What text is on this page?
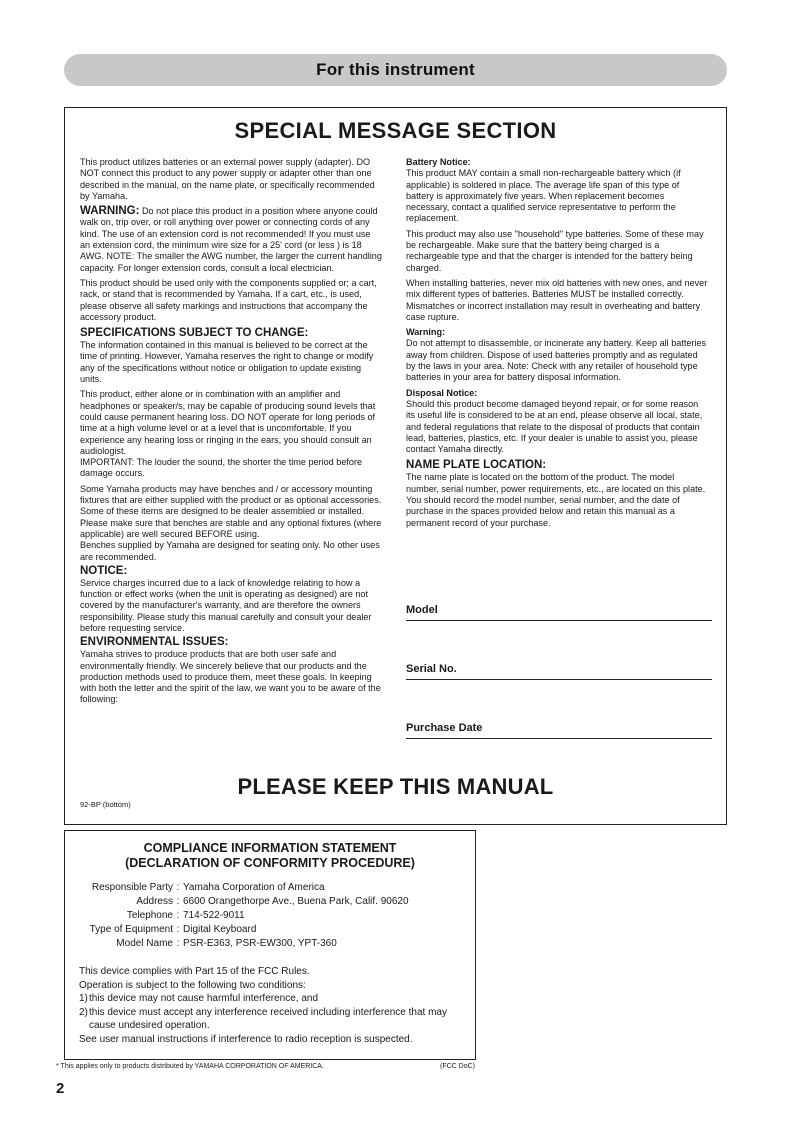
For this instrument
SPECIAL MESSAGE SECTION

This product utilizes batteries or an external power supply (adapter). DO NOT connect this product to any power supply or adapter other than one described in the manual, on the name plate, or specifically recommended by Yamaha.

WARNING: Do not place this product in a position where anyone could walk on, trip over, or roll anything over power or connecting cords of any kind. The use of an extension cord is not recommended! If you must use an extension cord, the minimum wire size for a 25' cord (or less ) is 18 AWG. NOTE: The smaller the AWG number, the larger the current handling capacity. For longer extension cords, consult a local electrician.

This product should be used only with the components supplied or; a cart, rack, or stand that is recommended by Yamaha. If a cart, etc., is used, please observe all safety markings and instructions that accompany the accessory product.

SPECIFICATIONS SUBJECT TO CHANGE:

The information contained in this manual is believed to be correct at the time of printing. However, Yamaha reserves the right to change or modify any of the specifications without notice or obligation to update existing units.

This product, either alone or in combination with an amplifier and headphones or speaker/s, may be capable of producing sound levels that could cause permanent hearing loss. DO NOT operate for long periods of time at a high volume level or at a level that is uncomfortable. If you experience any hearing loss or ringing in the ears, you should consult an audiologist.

IMPORTANT: The louder the sound, the shorter the time period before damage occurs.

Some Yamaha products may have benches and / or accessory mounting fixtures that are either supplied with the product or as optional accessories. Some of these items are designed to be dealer assembled or installed. Please make sure that benches are stable and any optional fixtures (where applicable) are well secured BEFORE using.

Benches supplied by Yamaha are designed for seating only. No other uses are recommended.

NOTICE:

Service charges incurred due to a lack of knowledge relating to how a function or effect works (when the unit is operating as designed) are not covered by the manufacturer's warranty, and are therefore the owners responsibility. Please study this manual carefully and consult your dealer before requesting service.

ENVIRONMENTAL ISSUES:

Yamaha strives to produce products that are both user safe and environmentally friendly. We sincerely believe that our products and the production methods used to produce them, meet these goals. In keeping with both the letter and the spirit of the law, we want you to be aware of the following:

Battery Notice:

This product MAY contain a small non-rechargeable battery which (if applicable) is soldered in place. The average life span of this type of battery is approximately five years. When replacement becomes necessary, contact a qualified service representative to perform the replacement.

This product may also use "household" type batteries. Some of these may be rechargeable. Make sure that the battery being charged is a rechargeable type and that the charger is intended for the battery being charged.

When installing batteries, never mix old batteries with new ones, and never mix different types of batteries. Batteries MUST be installed correctly. Mismatches or incorrect installation may result in overheating and battery case rupture.

Warning:

Do not attempt to disassemble, or incinerate any battery. Keep all batteries away from children. Dispose of used batteries promptly and as regulated by the laws in your area. Note: Check with any retailer of household type batteries in your area for battery disposal information.

Disposal Notice:

Should this product become damaged beyond repair, or for some reason its useful life is considered to be at an end, please observe all local, state, and federal regulations that relate to the disposal of products that contain lead, batteries, plastics, etc. If your dealer is unable to assist you, please contact Yamaha directly.

NAME PLATE LOCATION:

The name plate is located on the bottom of the product. The model number, serial number, power requirements, etc., are located on this plate. You should record the model number, serial number, and the date of purchase in the spaces provided below and retain this manual as a permanent record of your purchase.

Model
Serial No.
Purchase Date
PLEASE KEEP THIS MANUAL
92-BP (bottom)
COMPLIANCE INFORMATION STATEMENT
(DECLARATION OF CONFORMITY PROCEDURE)
Responsible Party : Yamaha Corporation of America
Address : 6600 Orangethorpe Ave., Buena Park, Calif. 90620
Telephone : 714-522-9011
Type of Equipment : Digital Keyboard
Model Name : PSR-E363, PSR-EW300, YPT-360

This device complies with Part 15 of the FCC Rules.

Operation is subject to the following two conditions:

1) this device may not cause harmful interference, and
2) this device must accept any interference received including interference that may cause undesired operation.

See user manual instructions if interference to radio reception is suspected.

* This applies only to products distributed by YAMAHA CORPORATION OF AMERICA.	(FCC DoC)
2
